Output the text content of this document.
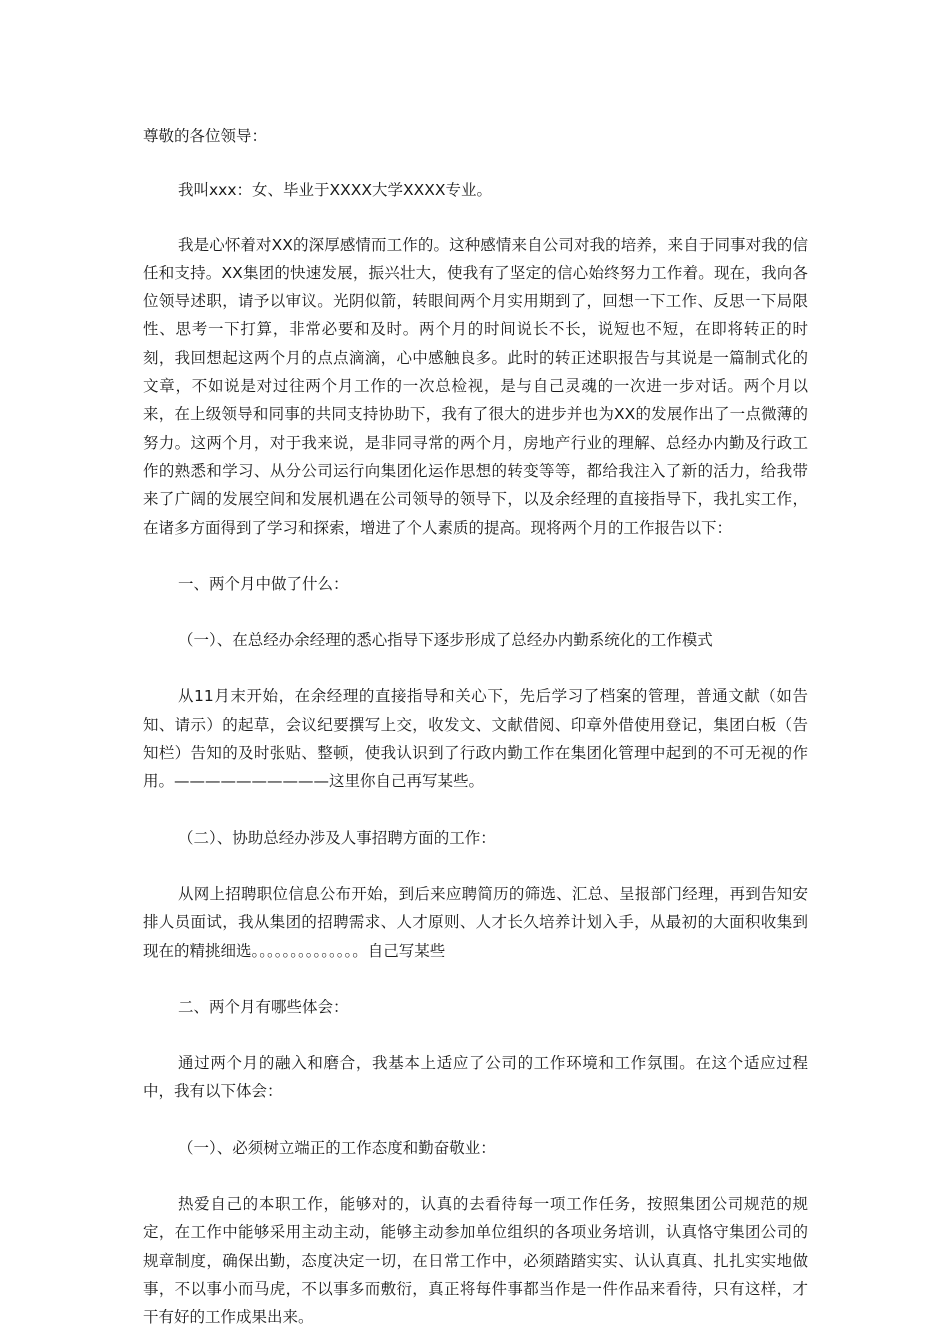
尊敬的各位领导：

我叫xxx：女、毕业于XXXX大学XXXX专业。

我是心怀着对XX的深厚感情而工作的。这种感情来自公司对我的培养，来自于同事对我的信任和支持。XX集团的快速发展，振兴壮大，使我有了坚定的信心始终努力工作着。现在，我向各位领导述职，请予以审议。光阴似箭，转眼间两个月实用期到了，回想一下工作、反思一下局限性、思考一下打算，非常必要和及时。两个月的时间说长不长，说短也不短，在即将转正的时刻，我回想起这两个月的点点滴滴，心中感触良多。此时的转正述职报告与其说是一篇制式化的文章，不如说是对过往两个月工作的一次总检视，是与自己灵魂的一次进一步对话。两个月以来，在上级领导和同事的共同支持协助下，我有了很大的进步并也为XX的发展作出了一点微薄的努力。这两个月，对于我来说，是非同寻常的两个月，房地产行业的理解、总经办内勤及行政工作的熟悉和学习、从分公司运行向集团化运作思想的转变等等，都给我注入了新的活力，给我带来了广阔的发展空间和发展机遇在公司领导的领导下，以及余经理的直接指导下，我扎实工作，在诸多方面得到了学习和探索，增进了个人素质的提高。现将两个月的工作报告以下：

一、两个月中做了什么：

（一）、在总经办余经理的悉心指导下逐步形成了总经办内勤系统化的工作模式

从11月末开始，在余经理的直接指导和关心下，先后学习了档案的管理，普通文献（如告知、请示）的起草，会议纪要撰写上交，收发文、文献借阅、印章外借使用登记，集团白板（告知栏）告知的及时张贴、整顿，使我认识到了行政内勤工作在集团化管理中起到的不可无视的作用。——————————这里你自己再写某些。

（二）、协助总经办涉及人事招聘方面的工作：

从网上招聘职位信息公布开始，到后来应聘简历的筛选、汇总、呈报部门经理，再到告知安排人员面试，我从集团的招聘需求、人才原则、人才长久培养计划入手，从最初的大面积收集到现在的精挑细选。。。。。。。。。。。。。。自己写某些

二、两个月有哪些体会：

通过两个月的融入和磨合，我基本上适应了公司的工作环境和工作氛围。在这个适应过程中，我有以下体会：

（一）、必须树立端正的工作态度和勤奋敬业：

热爱自己的本职工作，能够对的，认真的去看待每一项工作任务，按照集团公司规范的规定，在工作中能够采用主动主动，能够主动参加单位组织的各项业务培训，认真恪守集团公司的规章制度，确保出勤，态度决定一切，在日常工作中，必须踏踏实实、认认真真、扎扎实实地做事，不以事小而马虎，不以事多而敷衍，真正将每件事都当作是一件作品来看待，只有这样，才干有好的工作成果出来。
